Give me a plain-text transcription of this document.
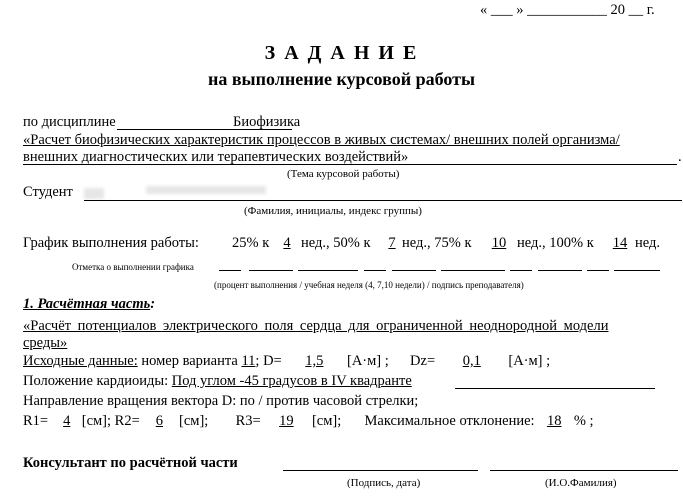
« ___ » ___________ 20 __ г.
З А Д А Н И Е
на выполнение курсовой работы
по дисциплине	Биофизика
«Расчет биофизических характеристик процессов в живых системах/ внешних полей организма/
внешних диагностических или терапевтических воздействий»	.
(Тема курсовой работы)
Студент
(Фамилия, инициалы, индекс группы)
График выполнения работы: 25% к 4 нед., 50% к	7 нед., 75% к	10 нед., 100% к	14 нед.
Отметка о выполнении графика
(процент выполнения / учебная неделя (4, 7,10 недели) / подпись преподавателя)
1. Расчётная часть:
«Расчёт потенциалов электрического поля сердца для ограниченной неоднородной модели
среды»
Исходные данные: номер варианта 11; D= 1,5 [А·м] ; Dz= 0,1 [А·м] ;
Положение кардиоиды: Под углом -45 градусов в IV квадранте
Направление вращения вектора D: по / против часовой стрелки;
R1= 4 [см]; R2= 6 [см]; R3= 19 [см]; Максимальное отклонение: 18 % ;
Консультант по расчётной части
(Подпись, дата)	(И.О.Фамилия)
